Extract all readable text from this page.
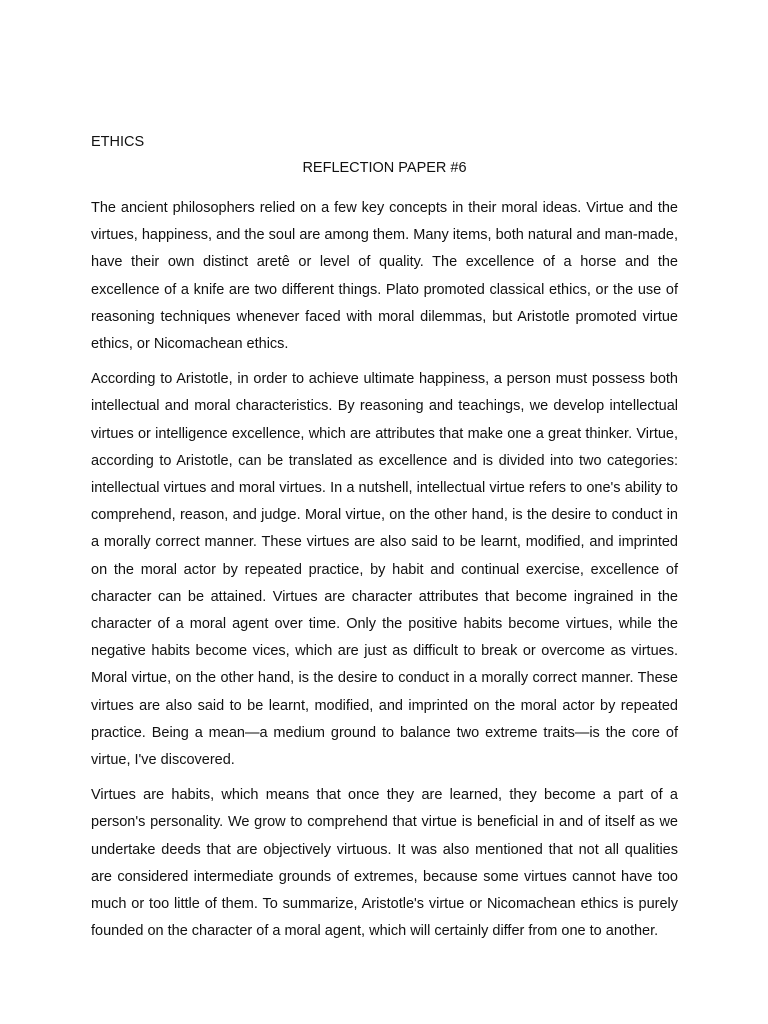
ETHICS

REFLECTION PAPER #6

The ancient philosophers relied on a few key concepts in their moral ideas. Virtue and the virtues, happiness, and the soul are among them. Many items, both natural and man-made, have their own distinct aretê or level of quality. The excellence of a horse and the excellence of a knife are two different things. Plato promoted classical ethics, or the use of reasoning techniques whenever faced with moral dilemmas, but Aristotle promoted virtue ethics, or Nicomachean ethics.

According to Aristotle, in order to achieve ultimate happiness, a person must possess both intellectual and moral characteristics. By reasoning and teachings, we develop intellectual virtues or intelligence excellence, which are attributes that make one a great thinker. Virtue, according to Aristotle, can be translated as excellence and is divided into two categories: intellectual virtues and moral virtues. In a nutshell, intellectual virtue refers to one's ability to comprehend, reason, and judge. Moral virtue, on the other hand, is the desire to conduct in a morally correct manner. These virtues are also said to be learnt, modified, and imprinted on the moral actor by repeated practice, by habit and continual exercise, excellence of character can be attained. Virtues are character attributes that become ingrained in the character of a moral agent over time. Only the positive habits become virtues, while the negative habits become vices, which are just as difficult to break or overcome as virtues. Moral virtue, on the other hand, is the desire to conduct in a morally correct manner. These virtues are also said to be learnt, modified, and imprinted on the moral actor by repeated practice. Being a mean—a medium ground to balance two extreme traits—is the core of virtue, I've discovered.

Virtues are habits, which means that once they are learned, they become a part of a person's personality. We grow to comprehend that virtue is beneficial in and of itself as we undertake deeds that are objectively virtuous. It was also mentioned that not all qualities are considered intermediate grounds of extremes, because some virtues cannot have too much or too little of them. To summarize, Aristotle's virtue or Nicomachean ethics is purely founded on the character of a moral agent, which will certainly differ from one to another.
